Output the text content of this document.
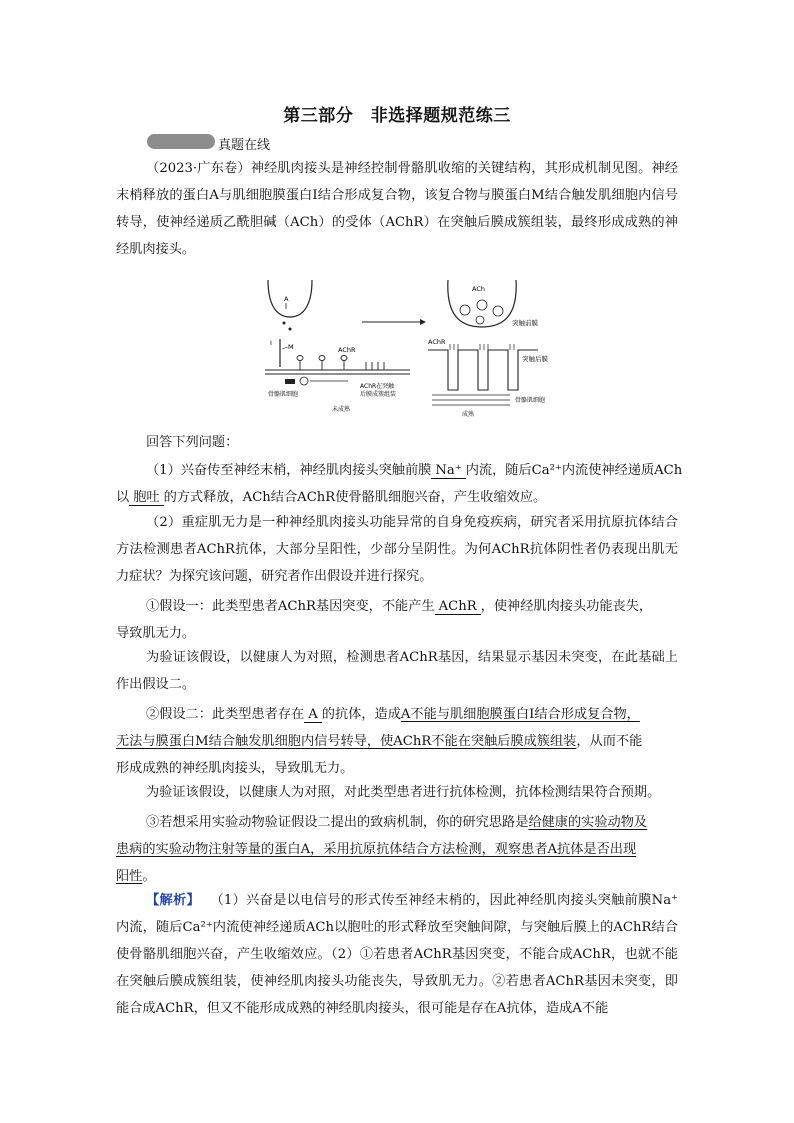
第三部分　非选择题规范练三
真题在线
（2023·广东卷）神经肌肉接头是神经控制骨骼肌收缩的关键结构，其形成机制见图。神经末梢释放的蛋白A与肌细胞膜蛋白Ⅰ结合形成复合物，该复合物与膜蛋白M结合触发肌细胞内信号转导，使神经递质乙酰胆碱（ACh）的受体（AChR）在突触后膜成簇组装，最终形成成熟的神经肌肉接头。
A
Ⅰ M	AChR
骨骼肌细胞
未成熟
AChR在突触
后膜成簇组装
ACh
突触前膜
AChR
突触后膜
骨骼肌细胞
成熟
回答下列问题：
（1）兴奋传至神经末梢，神经肌肉接头突触前膜 Na⁺ 内流，随后Ca²⁺内流使神经递质ACh
以 胞吐 的方式释放，ACh结合AChR使骨骼肌细胞兴奋，产生收缩效应。
（2）重症肌无力是一种神经肌肉接头功能异常的自身免疫疾病，研究者采用抗原抗体结合方法检测患者AChR抗体，大部分呈阳性，少部分呈阴性。为何AChR抗体阴性者仍表现出肌无力症状？为探究该问题，研究者作出假设并进行探究。
①假设一：此类型患者AChR基因突变，不能产生 AChR ，使神经肌肉接头功能丧失，
导致肌无力。
为验证该假设，以健康人为对照，检测患者AChR基因，结果显示基因未突变，在此基础上作出假设二。
②假设二：此类型患者存在 A 的抗体，造成A不能与肌细胞膜蛋白Ⅰ结合形成复合物，
无法与膜蛋白M结合触发肌细胞内信号转导，使AChR不能在突触后膜成簇组装，从而不能
形成成熟的神经肌肉接头，导致肌无力。
为验证该假设，以健康人为对照，对此类型患者进行抗体检测，抗体检测结果符合预期。
③若想采用实验动物验证假设二提出的致病机制，你的研究思路是给健康的实验动物及
患病的实验动物注射等量的蛋白A，采用抗原抗体结合方法检测，观察患者A抗体是否出现
阳性。
【解析】 （1）兴奋是以电信号的形式传至神经末梢的，因此神经肌肉接头突触前膜Na⁺内流，随后Ca²⁺内流使神经递质ACh以胞吐的形式释放至突触间隙，与突触后膜上的AChR结合使骨骼肌细胞兴奋，产生收缩效应。（2）①若患者AChR基因突变，不能合成AChR，也就不能在突触后膜成簇组装，使神经肌肉接头功能丧失，导致肌无力。②若患者AChR基因未突变，即能合成AChR，但又不能形成成熟的神经肌肉接头，很可能是存在A抗体，造成A不能
